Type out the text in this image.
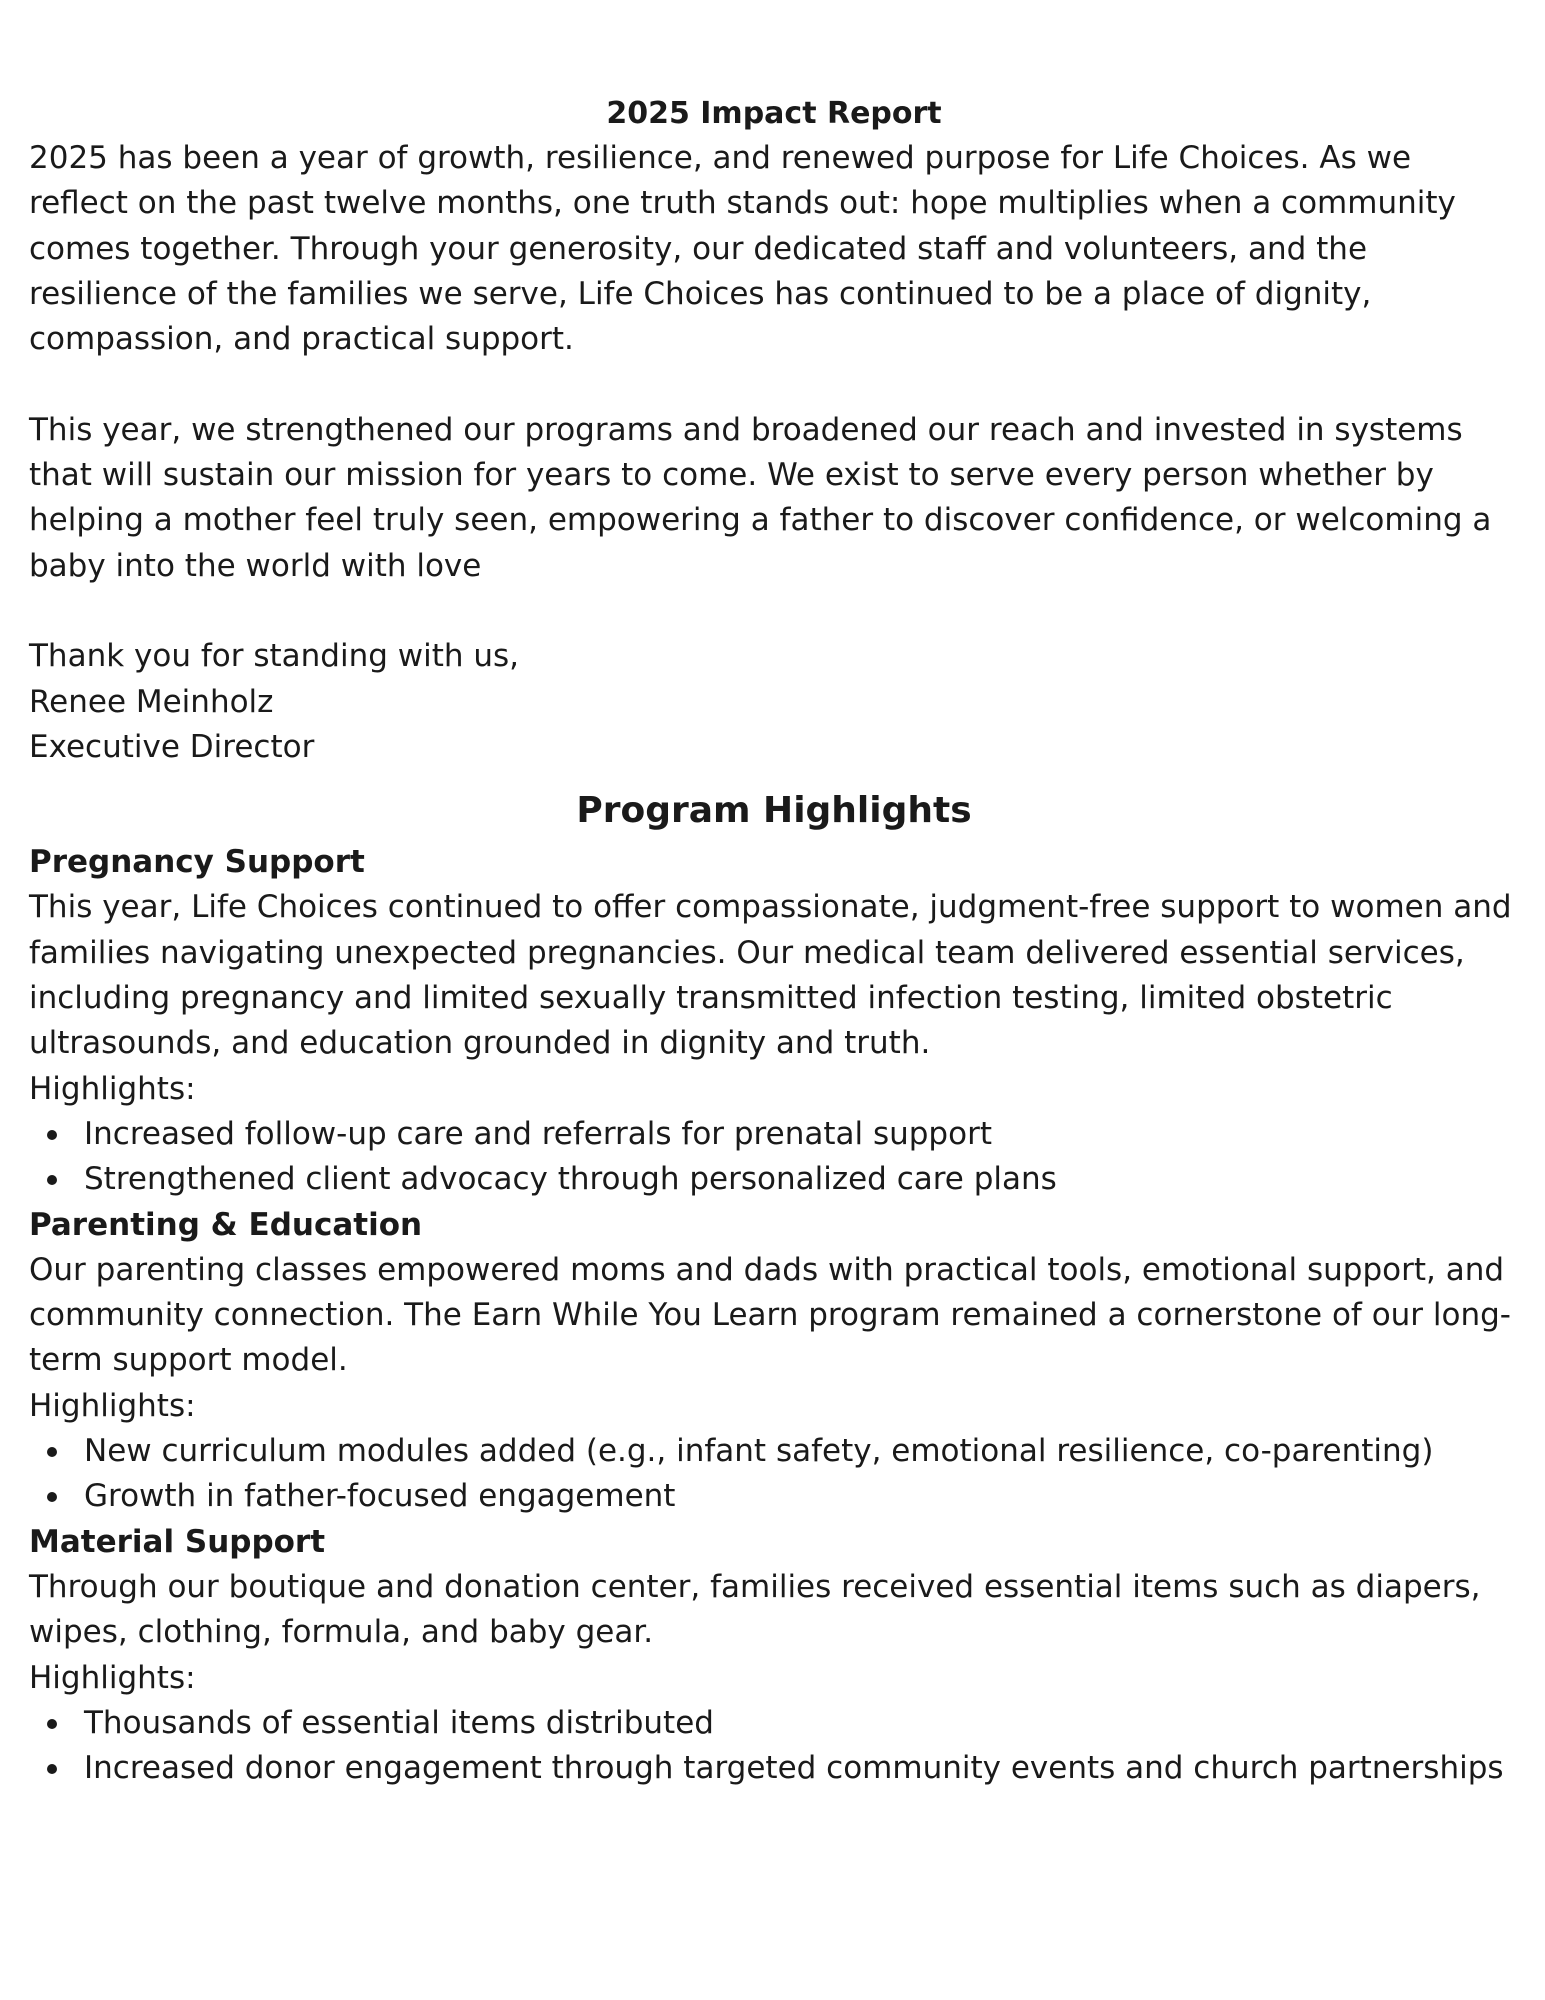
2025 Impact Report

2025 has been a year of growth, resilience, and renewed purpose for Life Choices. As we reflect on the past twelve months, one truth stands out: hope multiplies when a community comes together. Through your generosity, our dedicated staff and volunteers, and the resilience of the families we serve, Life Choices has continued to be a place of dignity, compassion, and practical support.

This year, we strengthened our programs and broadened our reach and invested in systems that will sustain our mission for years to come. We exist to serve every person whether by helping a mother feel truly seen, empowering a father to discover confidence, or welcoming a baby into the world with love

Thank you for standing with us,
Renee Meinholz
Executive Director
Program Highlights
Pregnancy Support

This year, Life Choices continued to offer compassionate, judgment-free support to women and families navigating unexpected pregnancies. Our medical team delivered essential services, including pregnancy and limited sexually transmitted infection testing, limited obstetric ultrasounds, and education grounded in dignity and truth.

Highlights:
Increased follow-up care and referrals for prenatal support
Strengthened client advocacy through personalized care plans
Parenting & Education

Our parenting classes empowered moms and dads with practical tools, emotional support, and community connection. The Earn While You Learn program remained a cornerstone of our long-term support model.

Highlights:
New curriculum modules added (e.g., infant safety, emotional resilience, co-parenting)
Growth in father-focused engagement
Material Support

Through our boutique and donation center, families received essential items such as diapers, wipes, clothing, formula, and baby gear.

Highlights:
Thousands of essential items distributed
Increased donor engagement through targeted community events and church partnerships
